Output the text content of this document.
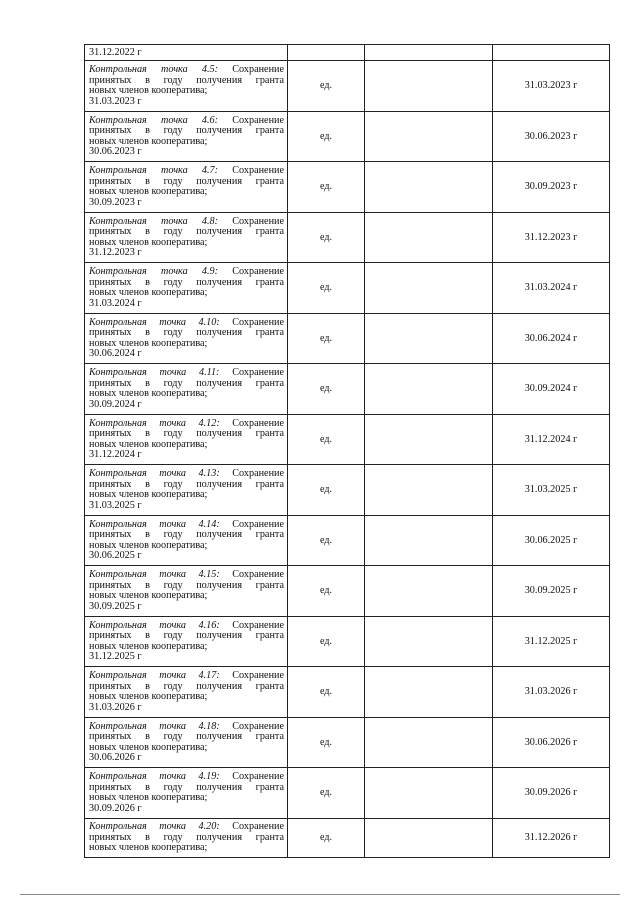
31.12.2022 г			

Контрольная точка 4.5: Сохранение
принятых в году получения гранта
новых членов кооператива;
31.03.2023 г	ед.		31.03.2023 г

Контрольная точка 4.6: Сохранение
принятых в году получения гранта
новых членов кооператива;
30.06.2023 г	ед.		30.06.2023 г

Контрольная точка 4.7: Сохранение
принятых в году получения гранта
новых членов кооператива;
30.09.2023 г	ед.		30.09.2023 г

Контрольная точка 4.8: Сохранение
принятых в году получения гранта
новых членов кооператива;
31.12.2023 г	ед.		31.12.2023 г

Контрольная точка 4.9: Сохранение
принятых в году получения гранта
новых членов кооператива;
31.03.2024 г	ед.		31.03.2024 г

Контрольная точка 4.10: Сохранение
принятых в году получения гранта
новых членов кооператива;
30.06.2024 г	ед.		30.06.2024 г

Контрольная точка 4.11: Сохранение
принятых в году получения гранта
новых членов кооператива;
30.09.2024 г	ед.		30.09.2024 г

Контрольная точка 4.12: Сохранение
принятых в году получения гранта
новых членов кооператива;
31.12.2024 г	ед.		31.12.2024 г

Контрольная точка 4.13: Сохранение
принятых в году получения гранта
новых членов кооператива;
31.03.2025 г	ед.		31.03.2025 г

Контрольная точка 4.14: Сохранение
принятых в году получения гранта
новых членов кооператива;
30.06.2025 г	ед.		30.06.2025 г

Контрольная точка 4.15: Сохранение
принятых в году получения гранта
новых членов кооператива;
30.09.2025 г	ед.		30.09.2025 г

Контрольная точка 4.16: Сохранение
принятых в году получения гранта
новых членов кооператива;
31.12.2025 г	ед.		31.12.2025 г

Контрольная точка 4.17: Сохранение
принятых в году получения гранта
новых членов кооператива;
31.03.2026 г	ед.		31.03.2026 г

Контрольная точка 4.18: Сохранение
принятых в году получения гранта
новых членов кооператива;
30.06.2026 г	ед.		30.06.2026 г

Контрольная точка 4.19: Сохранение
принятых в году получения гранта
новых членов кооператива;
30.09.2026 г	ед.		30.09.2026 г

Контрольная точка 4.20: Сохранение
принятых в году получения гранта
новых членов кооператива;	ед.		31.12.2026 г
